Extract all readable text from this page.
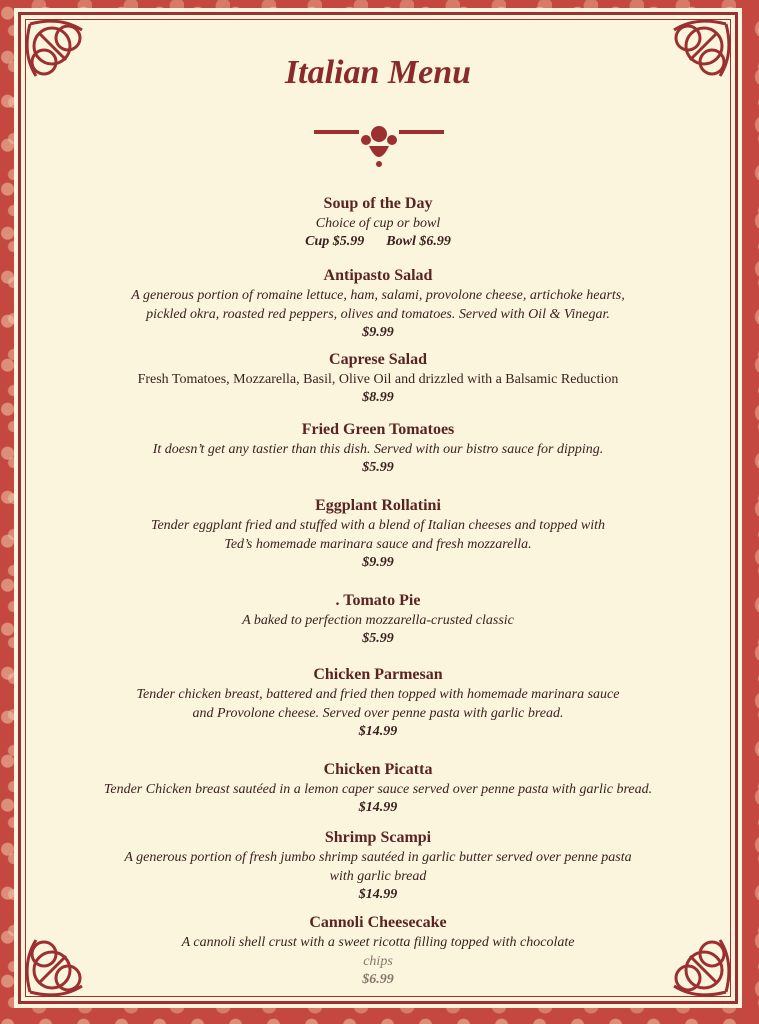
Italian Menu
Soup of the Day
Choice of cup or bowl
Cup $5.99 Bowl $6.99
Antipasto Salad
A generous portion of romaine lettuce, ham, salami, provolone cheese, artichoke hearts,
pickled okra, roasted red peppers, olives and tomatoes. Served with Oil & Vinegar.
$9.99
Caprese Salad
Fresh Tomatoes, Mozzarella, Basil, Olive Oil and drizzled with a Balsamic Reduction
$8.99
Fried Green Tomatoes
It doesn’t get any tastier than this dish. Served with our bistro sauce for dipping.
$5.99
Eggplant Rollatini
Tender eggplant fried and stuffed with a blend of Italian cheeses and topped with
Ted’s homemade marinara sauce and fresh mozzarella.
$9.99
. Tomato Pie
A baked to perfection mozzarella-crusted classic
$5.99
Chicken Parmesan
Tender chicken breast, battered and fried then topped with homemade marinara sauce
and Provolone cheese. Served over penne pasta with garlic bread.
$14.99
Chicken Picatta
Tender Chicken breast sautéed in a lemon caper sauce served over penne pasta with garlic bread.
$14.99
Shrimp Scampi
A generous portion of fresh jumbo shrimp sautéed in garlic butter served over penne pasta
with garlic bread
$14.99
Cannoli Cheesecake
A cannoli shell crust with a sweet ricotta filling topped with chocolate
chips
$6.99
